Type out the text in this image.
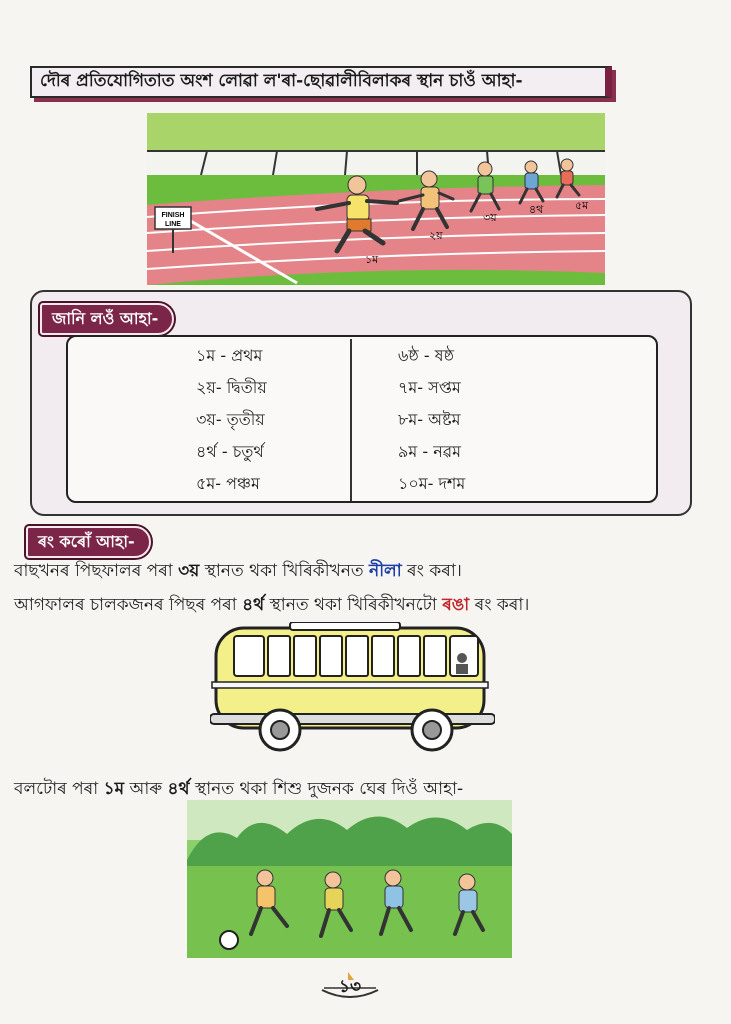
দৌৰ প্ৰতিযোগিতাত অংশ লোৱা ল'ৰা-ছোৱালীবিলাকৰ স্থান চাওঁ আহা-
FINISH
LINE
১ম
২য়
৩য়
৪থ	৫ম
জানি লওঁ আহা-
১ম - প্ৰথম
২য়- দ্বিতীয়
৩য়- তৃতীয়
৪ৰ্থ - চতুৰ্থ
৫ম- পঞ্চম
৬ষ্ঠ - ষষ্ঠ
৭ম- সপ্তম
৮ম- অষ্টম
৯ম - নৱম
১০ম- দশম
ৰং কৰোঁ আহা-
বাছখনৰ পিছফালৰ পৰা ৩য় স্থানত থকা খিৰিকীখনত নীলা ৰং কৰা।
আগফালৰ চালকজনৰ পিছৰ পৰা ৪ৰ্থ স্থানত থকা খিৰিকীখনটো ৰঙা ৰং কৰা।
বলটোৰ পৰা ১ম আৰু ৪ৰ্থ স্থানত থকা শিশু দুজনক ঘেৰ দিওঁ আহা-
১৩
